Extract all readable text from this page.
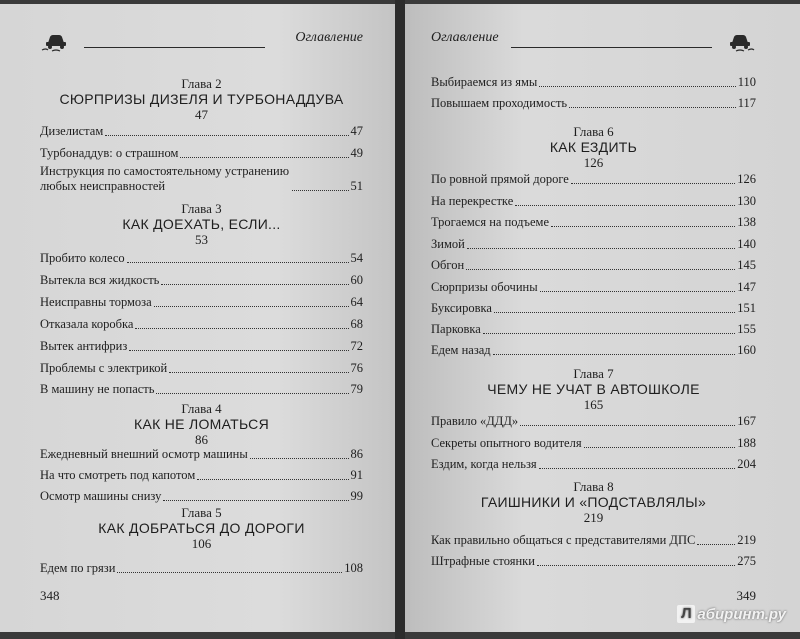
Оглавление
Глава 2
СЮРПРИЗЫ ДИЗЕЛЯ И ТУРБОНАДДУВА
47
Дизелистам	47
Турбонаддув: о страшном	49
Инструкция по самостоятельному устранению любых неисправностей	51
Глава 3
КАК ДОЕХАТЬ, ЕСЛИ...
53
Пробито колесо	54
Вытекла вся жидкость	60
Неисправны тормоза	64
Отказала коробка	68
Вытек антифриз	72
Проблемы с электрикой	76
В машину не попасть	79
Глава 4
КАК НЕ ЛОМАТЬСЯ
86
Ежедневный внешний осмотр машины	86
На что смотреть под капотом	91
Осмотр машины снизу	99
Глава 5
КАК ДОБРАТЬСЯ ДО ДОРОГИ
106
Едем по грязи	108
348
Оглавление
Выбираемся из ямы	110
Повышаем проходимость	117
Глава 6
КАК ЕЗДИТЬ
126
По ровной прямой дороге	126
На перекрестке	130
Трогаемся на подъеме	138
Зимой	140
Обгон	145
Сюрпризы обочины	147
Буксировка	151
Парковка	155
Едем назад	160
Глава 7
ЧЕМУ НЕ УЧАТ В АВТОШКОЛЕ
165
Правило «ДДД»	167
Секреты опытного водителя	188
Ездим, когда нельзя	204
Глава 8
ГАИШНИКИ И «ПОДСТАВЛЯЛЫ»
219
Как правильно общаться с представителями ДПС	219
Штрафные стоянки	275
349
Л абиринт.ру
